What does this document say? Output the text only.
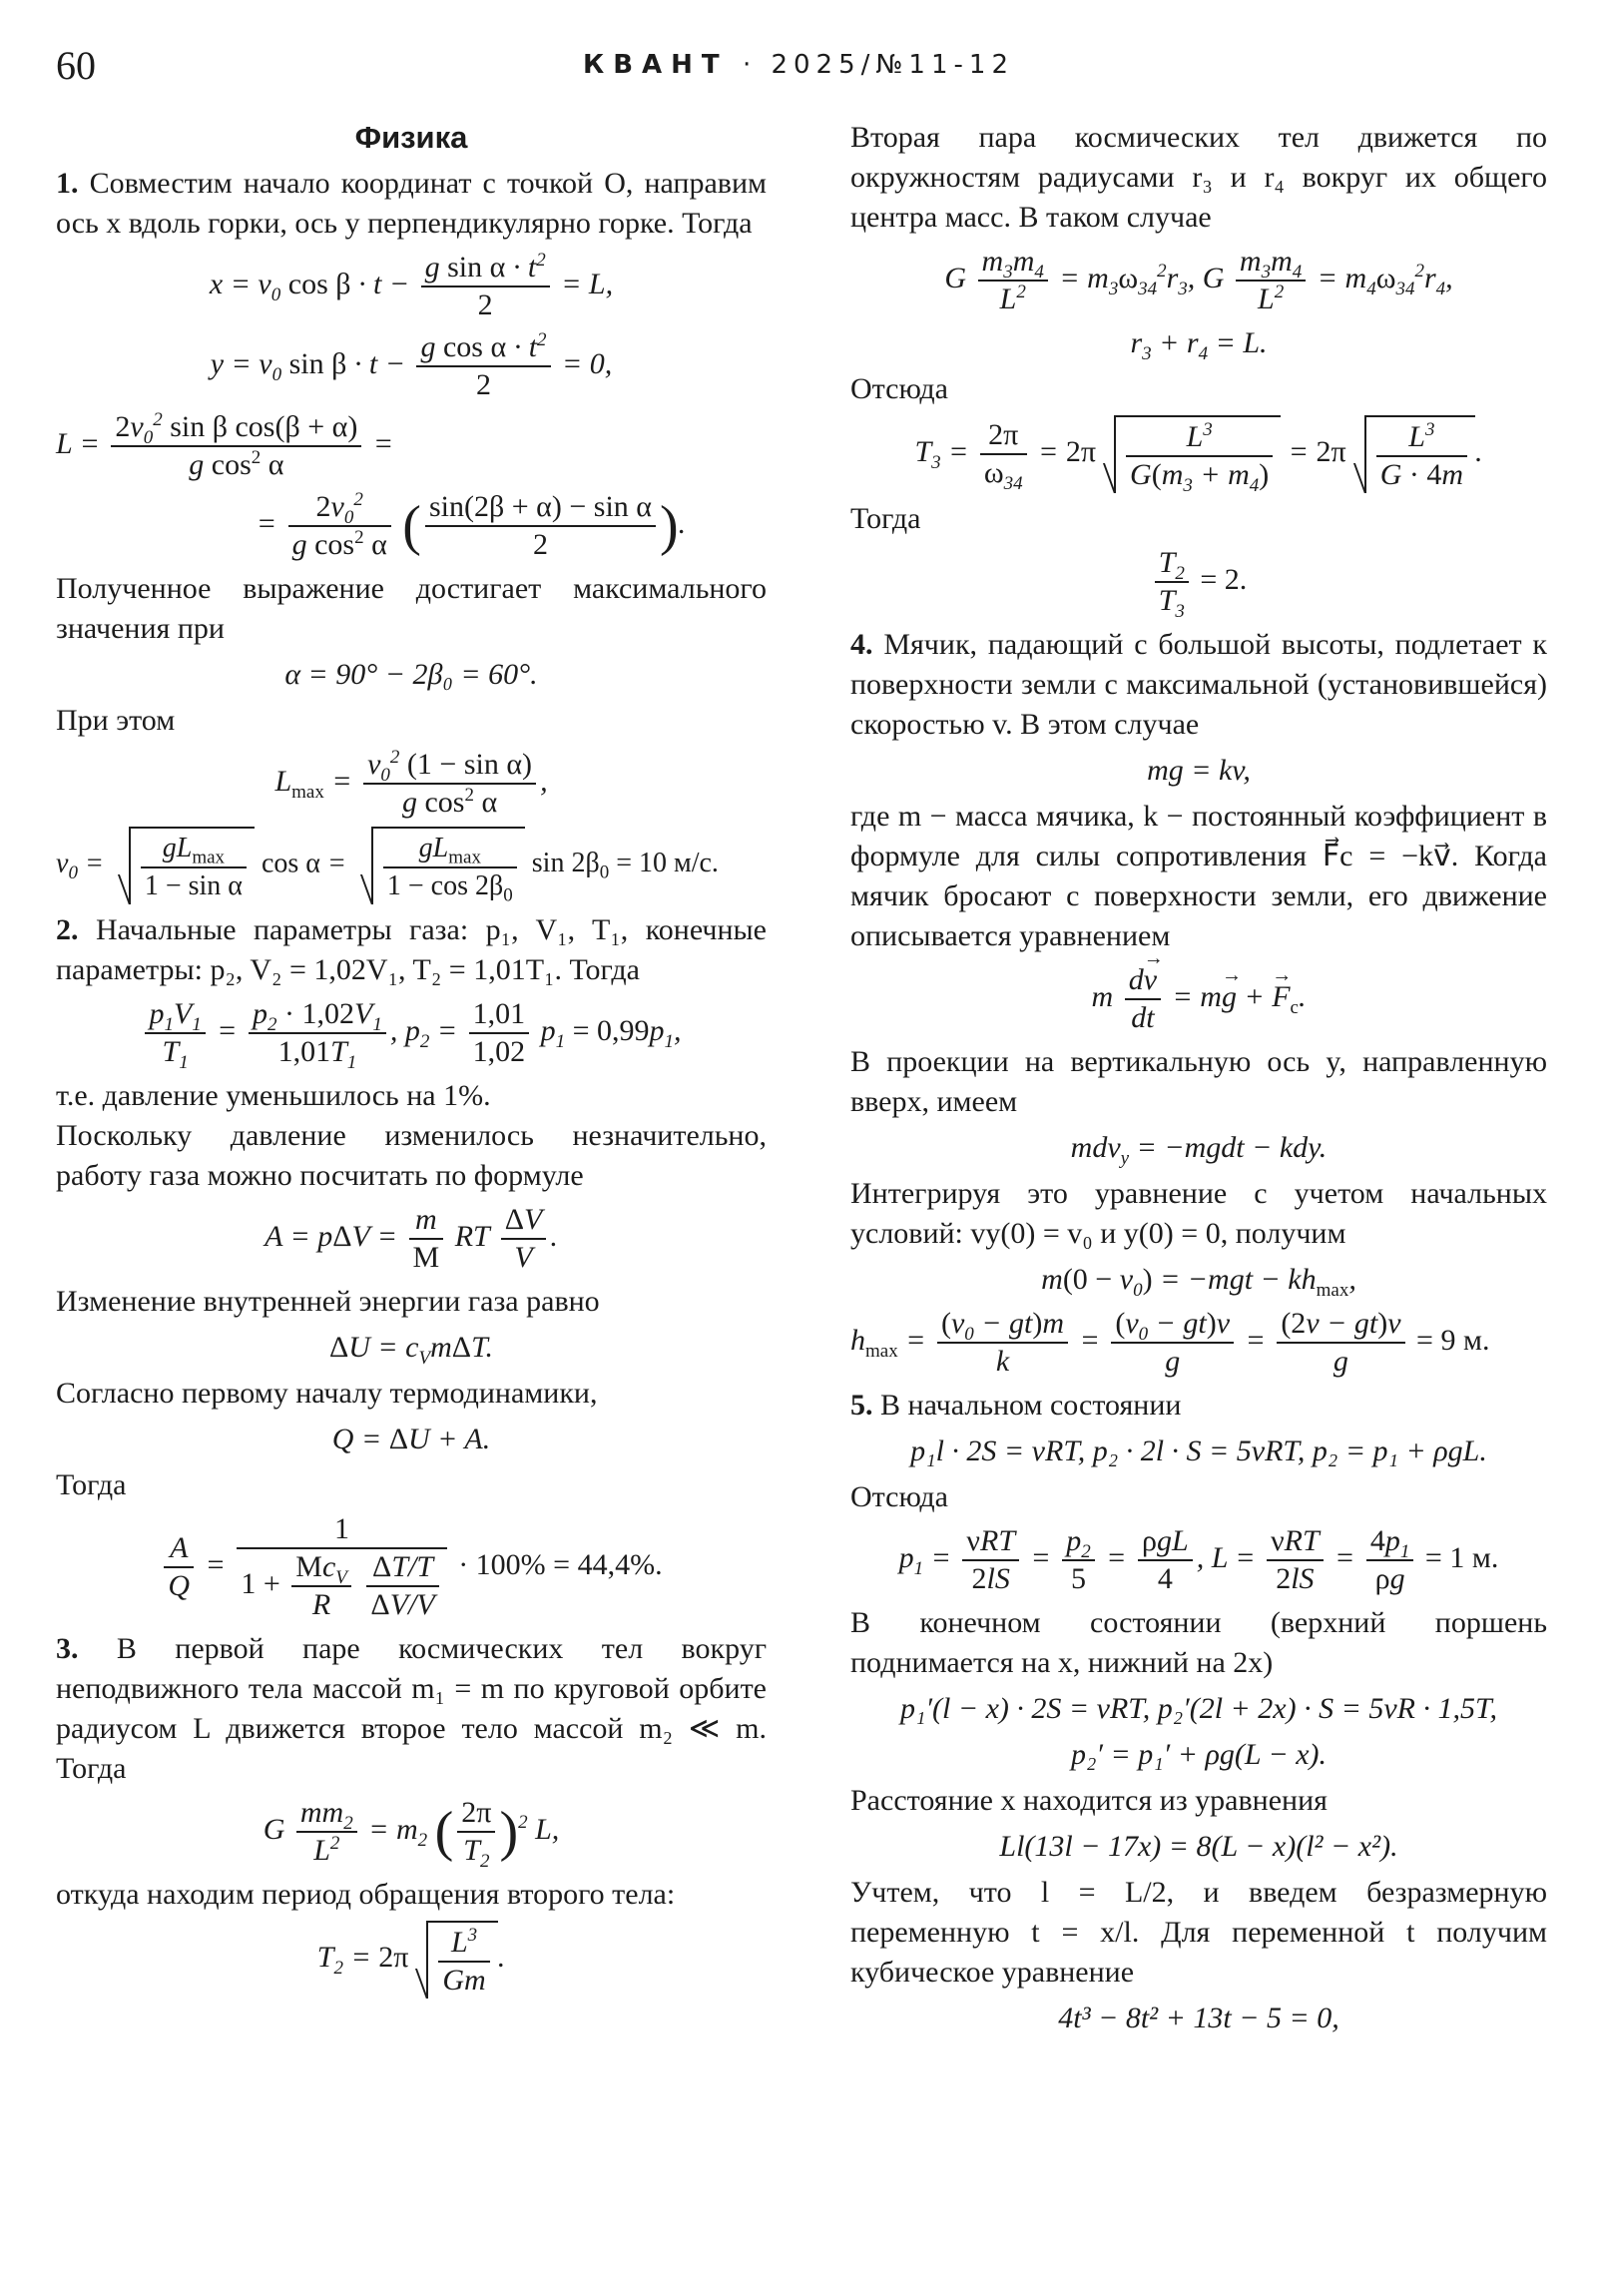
60	КВАНТ · 2025/№11-12
Физика

1. Совместим начало координат с точкой O, направим ось x вдоль горки, ось y перпендикулярно горке. Тогда

$x = v_0$ $\cos \beta \cdot t - \frac{g \sin \alpha \cdot t^2}{2} = L$,
$y = v_0$ $\sin \beta \cdot t - \frac{g \cos \alpha \cdot t^2}{2} = 0$,
$L = \frac{2v_0^2 \sin \beta \cos(\beta + \alpha)}{g \cos^2 \alpha}$ =
= $\frac{2v_0^2}{g \cos^2 \alpha}$ ( $\frac{\text{sin(2β + α) − sin α}}{2}$ ).

Полученное выражение достигает максимального значения при

α = 90° − 2β₀ = 60°.

При этом

$L_{max} = \frac{v_0^2 (1 - \sin \alpha)}{g \cos^2 \alpha}$ ,
$v_0$ =	$gL_{max}$
1 − sin α
cos α =	$gL_{max}$
$1 - \cos 2\beta_0$
$\sin 2\beta_0 = 10$ м/с.

2. Начальные параметры газа: p₁, V₁, T₁, конечные параметры: p₂, V₂ = 1,02V₁, T₂ = 1,01T₁. Тогда

$\frac{p_1V_1}{T_1} = \frac{p_2 \cdot 1,02V_1}{1,01T_1}$ , $p_2 = \frac{1,01}{1,02} p_1 = 0,99p_1$,

т.е. давление уменьшилось на 1%.

Поскольку давление изменилось незначительно, работу газа можно посчитать по формуле

$A = p\Delta V = \frac{m}{M}$ RT $\frac{\Delta V}{V}$ .

Изменение внутренней энергии газа равно

$\Delta U = c_Vm\Delta T$.

Согласно первому началу термодинамики,

Q = ΔU + A.

Тогда

$\frac{A}{Q}$ =
1
1 +
$Mc_V$
R
	$\frac{\Delta T/T}{\Delta V/V} \cdot 100\% = 44,4\%$.

3. В первой паре космических тел вокруг неподвижного тела массой m₁ = m по круговой орбите радиусом L движется второе тело массой m₂ ≪ m. Тогда

G $\frac{mm_2}{L^2} = m_2$ ( $\frac{2\pi}{T_2} )^2$ L,

откуда находим период обращения второго тела:

$T_2 = 2\pi \frac{L^3}{Gm}$ .

Вторая пара космических тел движется по окружностям радиусами r₃ и r₄ вокруг их общего центра масс. В таком случае

G $\frac{m_3m_4}{L^2} = m_3\omega_{34}^2r_3$, G $\frac{m_3m_4}{L^2} = m_4\omega_{34}^2r_4$,
$r_3 + r_4 = L$.

Отсюда

$T_3 = \frac{2\pi}{\omega_{34}} = 2\pi \frac{L^3}{G(m_3 + m_4)} = 2\pi \frac{L^3}{G \cdot 4m}$ .

Тогда

$\frac{T_2}{T_3} = 2$.

4. Мячик, падающий с большой высоты, подлетает к поверхности земли с максимальной (установившейся) скоростью v. В этом случае

mg = kv,

где m − масса мячика, k − постоянный коэффициент в формуле для силы сопротивления F⃗c = −kv⃗. Когда мячик бросают с поверхности земли, его движение описывается уравнением

m $\frac{dv \to}{dt}$ = mg → + $F \to_c$.

В проекции на вертикальную ось y, направленную вверх, имеем

mdv$_y$ = −mgdt − kdy.

Интегрируя это уравнение с учетом начальных условий: vy(0) = v₀ и y(0) = 0, получим

$m(0 - v_0) = -mgt - kh_{max}$,
$h_{max} = \frac{(v_0 - gt)m}{k} = \frac{(v_0 - gt)v}{g} = \frac{(2v - gt)v}{g} = 9$ м.

5. В начальном состоянии

p₁l · 2S = νRT, p₂ · 2l · S = 5νRT, p₂ = p₁ + ρgL.

Отсюда

$p_1$ =
νRT
2lS
= $\frac{p_2}{5}$ =
ρgL
4
, L =
νRT
2lS
= $\frac{4p_1}{\rho g} = 1$ м.

В конечном состоянии (верхний поршень поднимается на x, нижний на 2x)

p₁′(l − x) · 2S = νRT, p₂′(2l + 2x) · S = 5νR · 1,5T,
p₂′ = p₁′ + ρg(L − x).

Расстояние x находится из уравнения

Ll(13l − 17x) = 8(L − x)(l² − x²).

Учтем, что l = L/2, и введем безразмерную переменную t = x/l. Для переменной t получим кубическое уравнение

4t³ − 8t² + 13t − 5 = 0,
